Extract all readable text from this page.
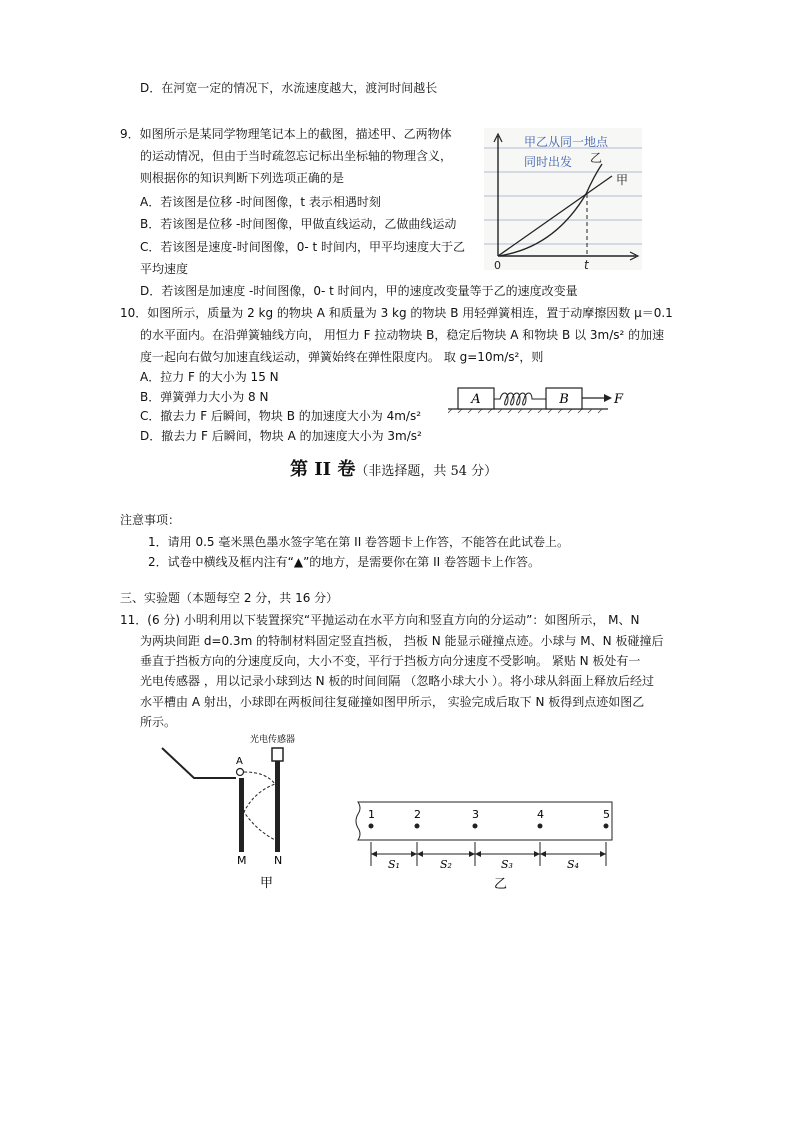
D．在河宽一定的情况下，水流速度越大，渡河时间越长
9．如图所示是某同学物理笔记本上的截图，描述甲、乙两物体
的运动情况，但由于当时疏忽忘记标出坐标轴的物理含义，
则根据你的知识判断下列选项正确的是
A．若该图是位移 -时间图像，t 表示相遇时刻
B．若该图是位移 -时间图像，甲做直线运动，乙做曲线运动
C．若该图是速度-时间图像，0- t 时间内，甲平均速度大于乙
平均速度
D．若该图是加速度 -时间图像，0- t 时间内，甲的速度改变量等于乙的速度改变量
甲乙从同一地点
同时出发 乙
甲
0	t
10．如图所示，质量为 2 kg 的物块 A 和质量为 3 kg 的物块 B 用轻弹簧相连，置于动摩擦因数 μ＝0.1
的水平面内。在沿弹簧轴线方向， 用恒力 F 拉动物块 B，稳定后物块 A 和物块 B 以 3m/s² 的加速
度一起向右做匀加速直线运动，弹簧始终在弹性限度内。 取 g=10m/s²，则
A．拉力 F 的大小为 15 N
B．弹簧弹力大小为 8 N
C．撤去力 F 后瞬间，物块 B 的加速度大小为 4m/s²
D．撤去力 F 后瞬间，物块 A 的加速度大小为 3m/s²
A	B	F
第 II 卷（非选择题，共 54 分）
注意事项：
1．请用 0.5 毫米黑色墨水签字笔在第 II 卷答题卡上作答，不能答在此试卷上。
2．试卷中横线及框内注有“▲”的地方，是需要你在第 II 卷答题卡上作答。
三、实验题（本题每空 2 分，共 16 分）
11．(6 分) 小明利用以下装置探究“平抛运动在水平方向和竖直方向的分运动”：如图所示， M、N
为两块间距 d=0.3m 的特制材料固定竖直挡板， 挡板 N 能显示碰撞点迹。小球与 M、N 板碰撞后
垂直于挡板方向的分速度反向，大小不变，平行于挡板方向分速度不受影响。 紧贴 N 板处有一
光电传感器 ，用以记录小球到达 N 板的时间间隔 （忽略小球大小 ）。将小球从斜面上释放后经过
水平槽由 A 射出，小球即在两板间往复碰撞如图甲所示， 实验完成后取下 N 板得到点迹如图乙
所示。
光电传感器
A
M	N
甲
1	2	3	4	5
S₁	S₂	S₃	S₄
乙
